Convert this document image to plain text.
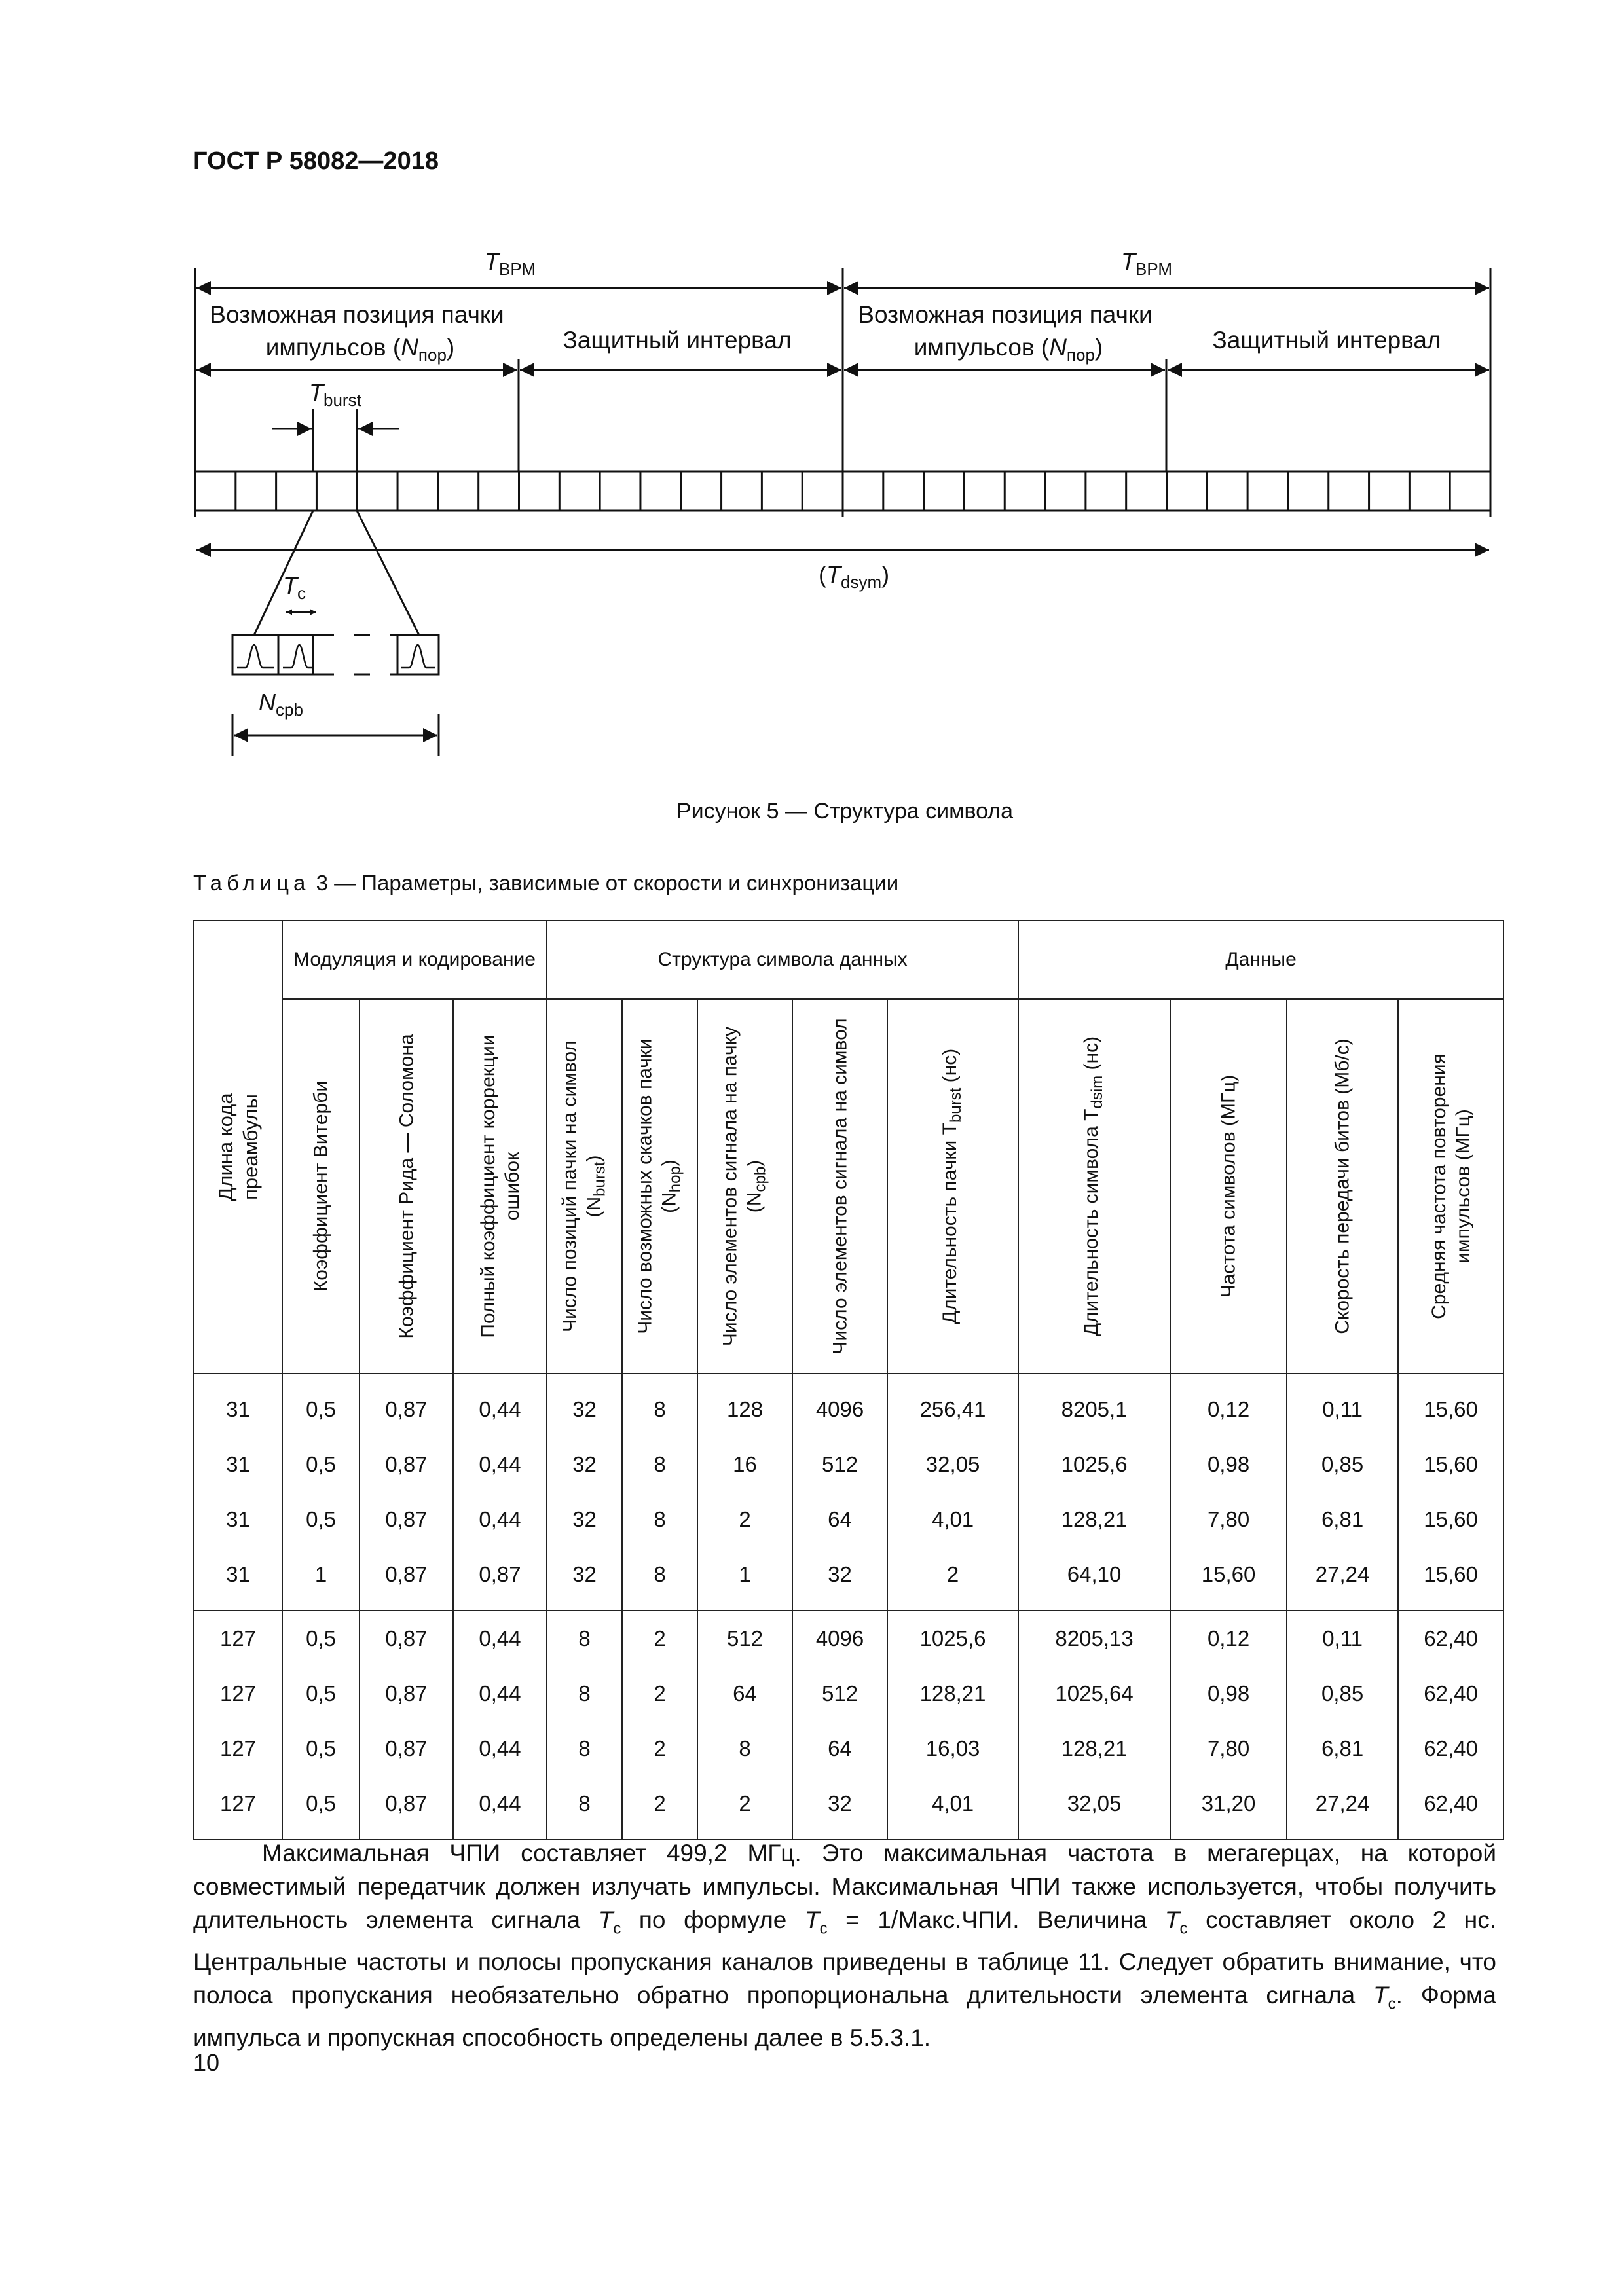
ГОСТ Р 58082—2018
$T_{ВРМ}$	$T_{ВРМ}$
Возможная позиция пачки
импульсов $(N_{пор})$	Защитный интервал
Возможная позиция пачки
импульсов $(N_{пор})$	Защитный интервал
$T_{burst}$
$(T_{dsym})$
$T_c$
$N_{cpb}$
Рисунок 5 — Структура символа
Таблица 3 — Параметры, зависимые от скорости и синхронизации
Длина кода преамбулы	Модуляция и кодирование			Структура символа данных					Данные			

	Коэффициент Витерби	Коэффициент Рида — Соломона	Полный коэффициент коррекции ошибок	Число позиций пачки на символ $(N_{burst})$	Число возможных скачков пачки $(N_{hop})$	Число элементов сигнала на пачку $(N_{cpb})$	Число элементов сигнала на символ	Длительность пачки $T_{burst}$ (нс)	Длительность символа $T_{dsim}$ (нс)	Частота символов (МГц)	Скорость передачи битов (Мб/с)	Средняя частота повторения импульсов (МГц)

31	0,5	0,87	0,44	32	8	128	4096	256,41	8205,1	0,12	0,11	15,60
31	0,5	0,87	0,44	32	8	16	512	32,05	1025,6	0,98	0,85	15,60
31	0,5	0,87	0,44	32	8	2	64	4,01	128,21	7,80	6,81	15,60
31	1	0,87	0,87	32	8	1	32	2	64,10	15,60	27,24	15,60
127	0,5	0,87	0,44	8	2	512	4096	1025,6	8205,13	0,12	0,11	62,40
127	0,5	0,87	0,44	8	2	64	512	128,21	1025,64	0,98	0,85	62,40
127	0,5	0,87	0,44	8	2	8	64	16,03	128,21	7,80	6,81	62,40
127	0,5	0,87	0,44	8	2	2	32	4,01	32,05	31,20	27,24	62,40
Максимальная ЧПИ составляет 499,2 МГц. Это максимальная частота в мегагерцах, на которой совместимый передатчик должен излучать импульсы. Максимальная ЧПИ также используется, чтобы получить длительность элемента сигнала $T_c$ по формуле $T_c$ = 1/Макс.ЧПИ. Величина $T_c$ составляет около 2 нс. Центральные частоты и полосы пропускания каналов приведены в таблице 11. Следует обратить внимание, что полоса пропускания необязательно обратно пропорциональна длительности элемента сигнала $T_c$. Форма импульса и пропускная способность определены далее в 5.5.3.1.
10
